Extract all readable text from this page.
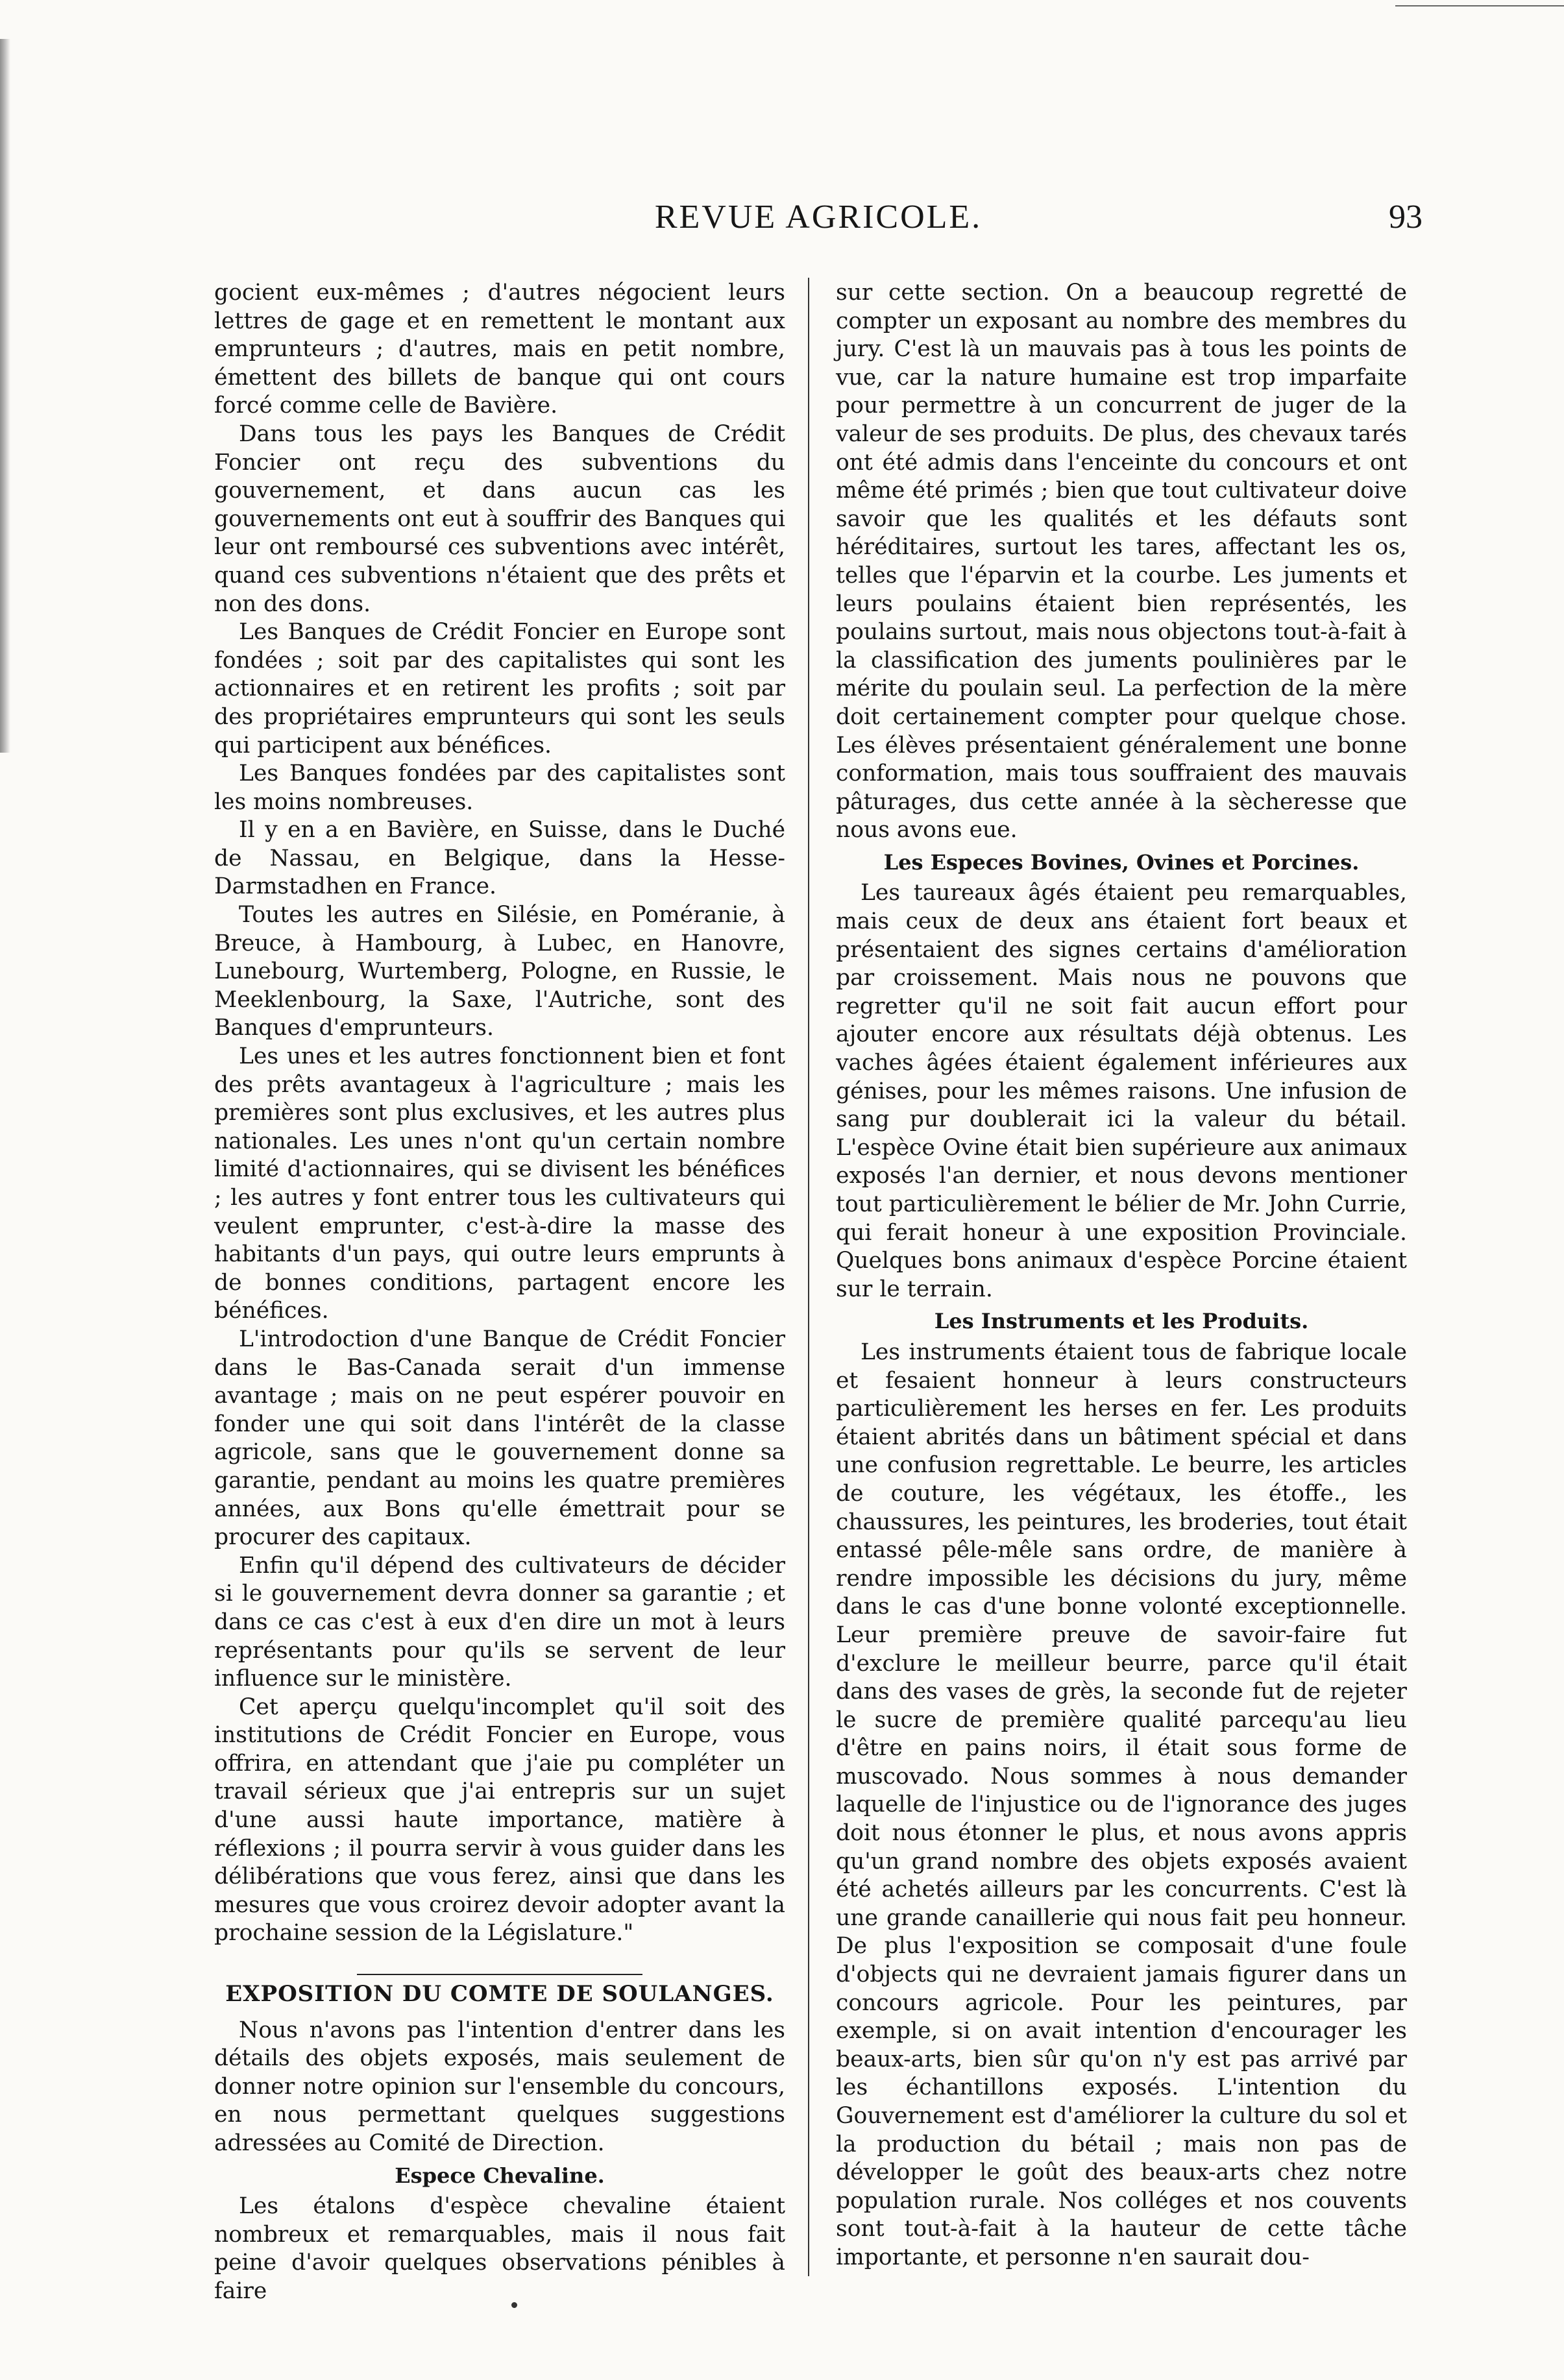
REVUE AGRICOLE.	93

gocient eux-mêmes ; d'autres négocient leurs lettres de gage et en remettent le montant aux emprunteurs ; d'autres, mais en petit nombre, émettent des billets de banque qui ont cours forcé comme celle de Bavière.

Dans tous les pays les Banques de Crédit Foncier ont reçu des subventions du gouvernement, et dans aucun cas les gouvernements ont eut à souffrir des Banques qui leur ont remboursé ces subventions avec intérêt, quand ces subventions n'étaient que des prêts et non des dons.

Les Banques de Crédit Foncier en Europe sont fondées ; soit par des capitalistes qui sont les actionnaires et en retirent les profits ; soit par des propriétaires emprunteurs qui sont les seuls qui participent aux bénéfices.

Les Banques fondées par des capitalistes sont les moins nombreuses.

Il y en a en Bavière, en Suisse, dans le Duché de Nassau, en Belgique, dans la Hesse-Darmstadhen en France.

Toutes les autres en Silésie, en Poméranie, à Breuce, à Hambourg, à Lubec, en Hanovre, Lunebourg, Wurtemberg, Pologne, en Russie, le Meeklenbourg, la Saxe, l'Autriche, sont des Banques d'emprunteurs.

Les unes et les autres fonctionnent bien et font des prêts avantageux à l'agriculture ; mais les premières sont plus exclusives, et les autres plus nationales. Les unes n'ont qu'un certain nombre limité d'actionnaires, qui se divisent les bénéfices ; les autres y font entrer tous les cultivateurs qui veulent emprunter, c'est-à-dire la masse des habitants d'un pays, qui outre leurs emprunts à de bonnes conditions, partagent encore les bénéfices.

L'introdoction d'une Banque de Crédit Foncier dans le Bas-Canada serait d'un immense avantage ; mais on ne peut espérer pouvoir en fonder une qui soit dans l'intérêt de la classe agricole, sans que le gouvernement donne sa garantie, pendant au moins les quatre premières années, aux Bons qu'elle émettrait pour se procurer des capitaux.

Enfin qu'il dépend des cultivateurs de décider si le gouvernement devra donner sa garantie ; et dans ce cas c'est à eux d'en dire un mot à leurs représentants pour qu'ils se servent de leur influence sur le ministère.

Cet aperçu quelqu'incomplet qu'il soit des institutions de Crédit Foncier en Europe, vous offrira, en attendant que j'aie pu compléter un travail sérieux que j'ai entrepris sur un sujet d'une aussi haute importance, matière à réflexions ; il pourra servir à vous guider dans les délibérations que vous ferez, ainsi que dans les mesures que vous croirez devoir adopter avant la prochaine session de la Législature."

EXPOSITION DU COMTE DE SOULANGES.

Nous n'avons pas l'intention d'entrer dans les détails des objets exposés, mais seulement de donner notre opinion sur l'ensemble du concours, en nous permettant quelques suggestions adressées au Comité de Direction.

Espece Chevaline.

Les étalons d'espèce chevaline étaient nombreux et remarquables, mais il nous fait peine d'avoir quelques observations pénibles à faire

sur cette section. On a beaucoup regretté de compter un exposant au nombre des membres du jury. C'est là un mauvais pas à tous les points de vue, car la nature humaine est trop imparfaite pour permettre à un concurrent de juger de la valeur de ses produits. De plus, des chevaux tarés ont été admis dans l'enceinte du concours et ont même été primés ; bien que tout cultivateur doive savoir que les qualités et les défauts sont héréditaires, surtout les tares, affectant les os, telles que l'éparvin et la courbe. Les juments et leurs poulains étaient bien représentés, les poulains surtout, mais nous objectons tout-à-fait à la classification des juments poulinières par le mérite du poulain seul. La perfection de la mère doit certainement compter pour quelque chose. Les élèves présentaient généralement une bonne conformation, mais tous souffraient des mauvais pâturages, dus cette année à la sècheresse que nous avons eue.

Les Especes Bovines, Ovines et Porcines.

Les taureaux âgés étaient peu remarquables, mais ceux de deux ans étaient fort beaux et présentaient des signes certains d'amélioration par croissement. Mais nous ne pouvons que regretter qu'il ne soit fait aucun effort pour ajouter encore aux résultats déjà obtenus. Les vaches âgées étaient également inférieures aux génises, pour les mêmes raisons. Une infusion de sang pur doublerait ici la valeur du bétail. L'espèce Ovine était bien supérieure aux animaux exposés l'an dernier, et nous devons mentioner tout particulièrement le bélier de Mr. John Currie, qui ferait honeur à une exposition Provinciale. Quelques bons animaux d'espèce Porcine étaient sur le terrain.

Les Instruments et les Produits.

Les instruments étaient tous de fabrique locale et fesaient honneur à leurs constructeurs particulièrement les herses en fer. Les produits étaient abrités dans un bâtiment spécial et dans une confusion regrettable. Le beurre, les articles de couture, les végétaux, les étoffe., les chaussures, les peintures, les broderies, tout était entassé pêle-mêle sans ordre, de manière à rendre impossible les décisions du jury, même dans le cas d'une bonne volonté exceptionnelle. Leur première preuve de savoir-faire fut d'exclure le meilleur beurre, parce qu'il était dans des vases de grès, la seconde fut de rejeter le sucre de première qualité parcequ'au lieu d'être en pains noirs, il était sous forme de muscovado. Nous sommes à nous demander laquelle de l'injustice ou de l'ignorance des juges doit nous étonner le plus, et nous avons appris qu'un grand nombre des objets exposés avaient été achetés ailleurs par les concurrents. C'est là une grande canaillerie qui nous fait peu honneur. De plus l'exposition se composait d'une foule d'objects qui ne devraient jamais figurer dans un concours agricole. Pour les peintures, par exemple, si on avait intention d'encourager les beaux-arts, bien sûr qu'on n'y est pas arrivé par les échantillons exposés. L'intention du Gouvernement est d'améliorer la culture du sol et la production du bétail ; mais non pas de développer le goût des beaux-arts chez notre population rurale. Nos colléges et nos couvents sont tout-à-fait à la hauteur de cette tâche importante, et personne n'en saurait dou-
